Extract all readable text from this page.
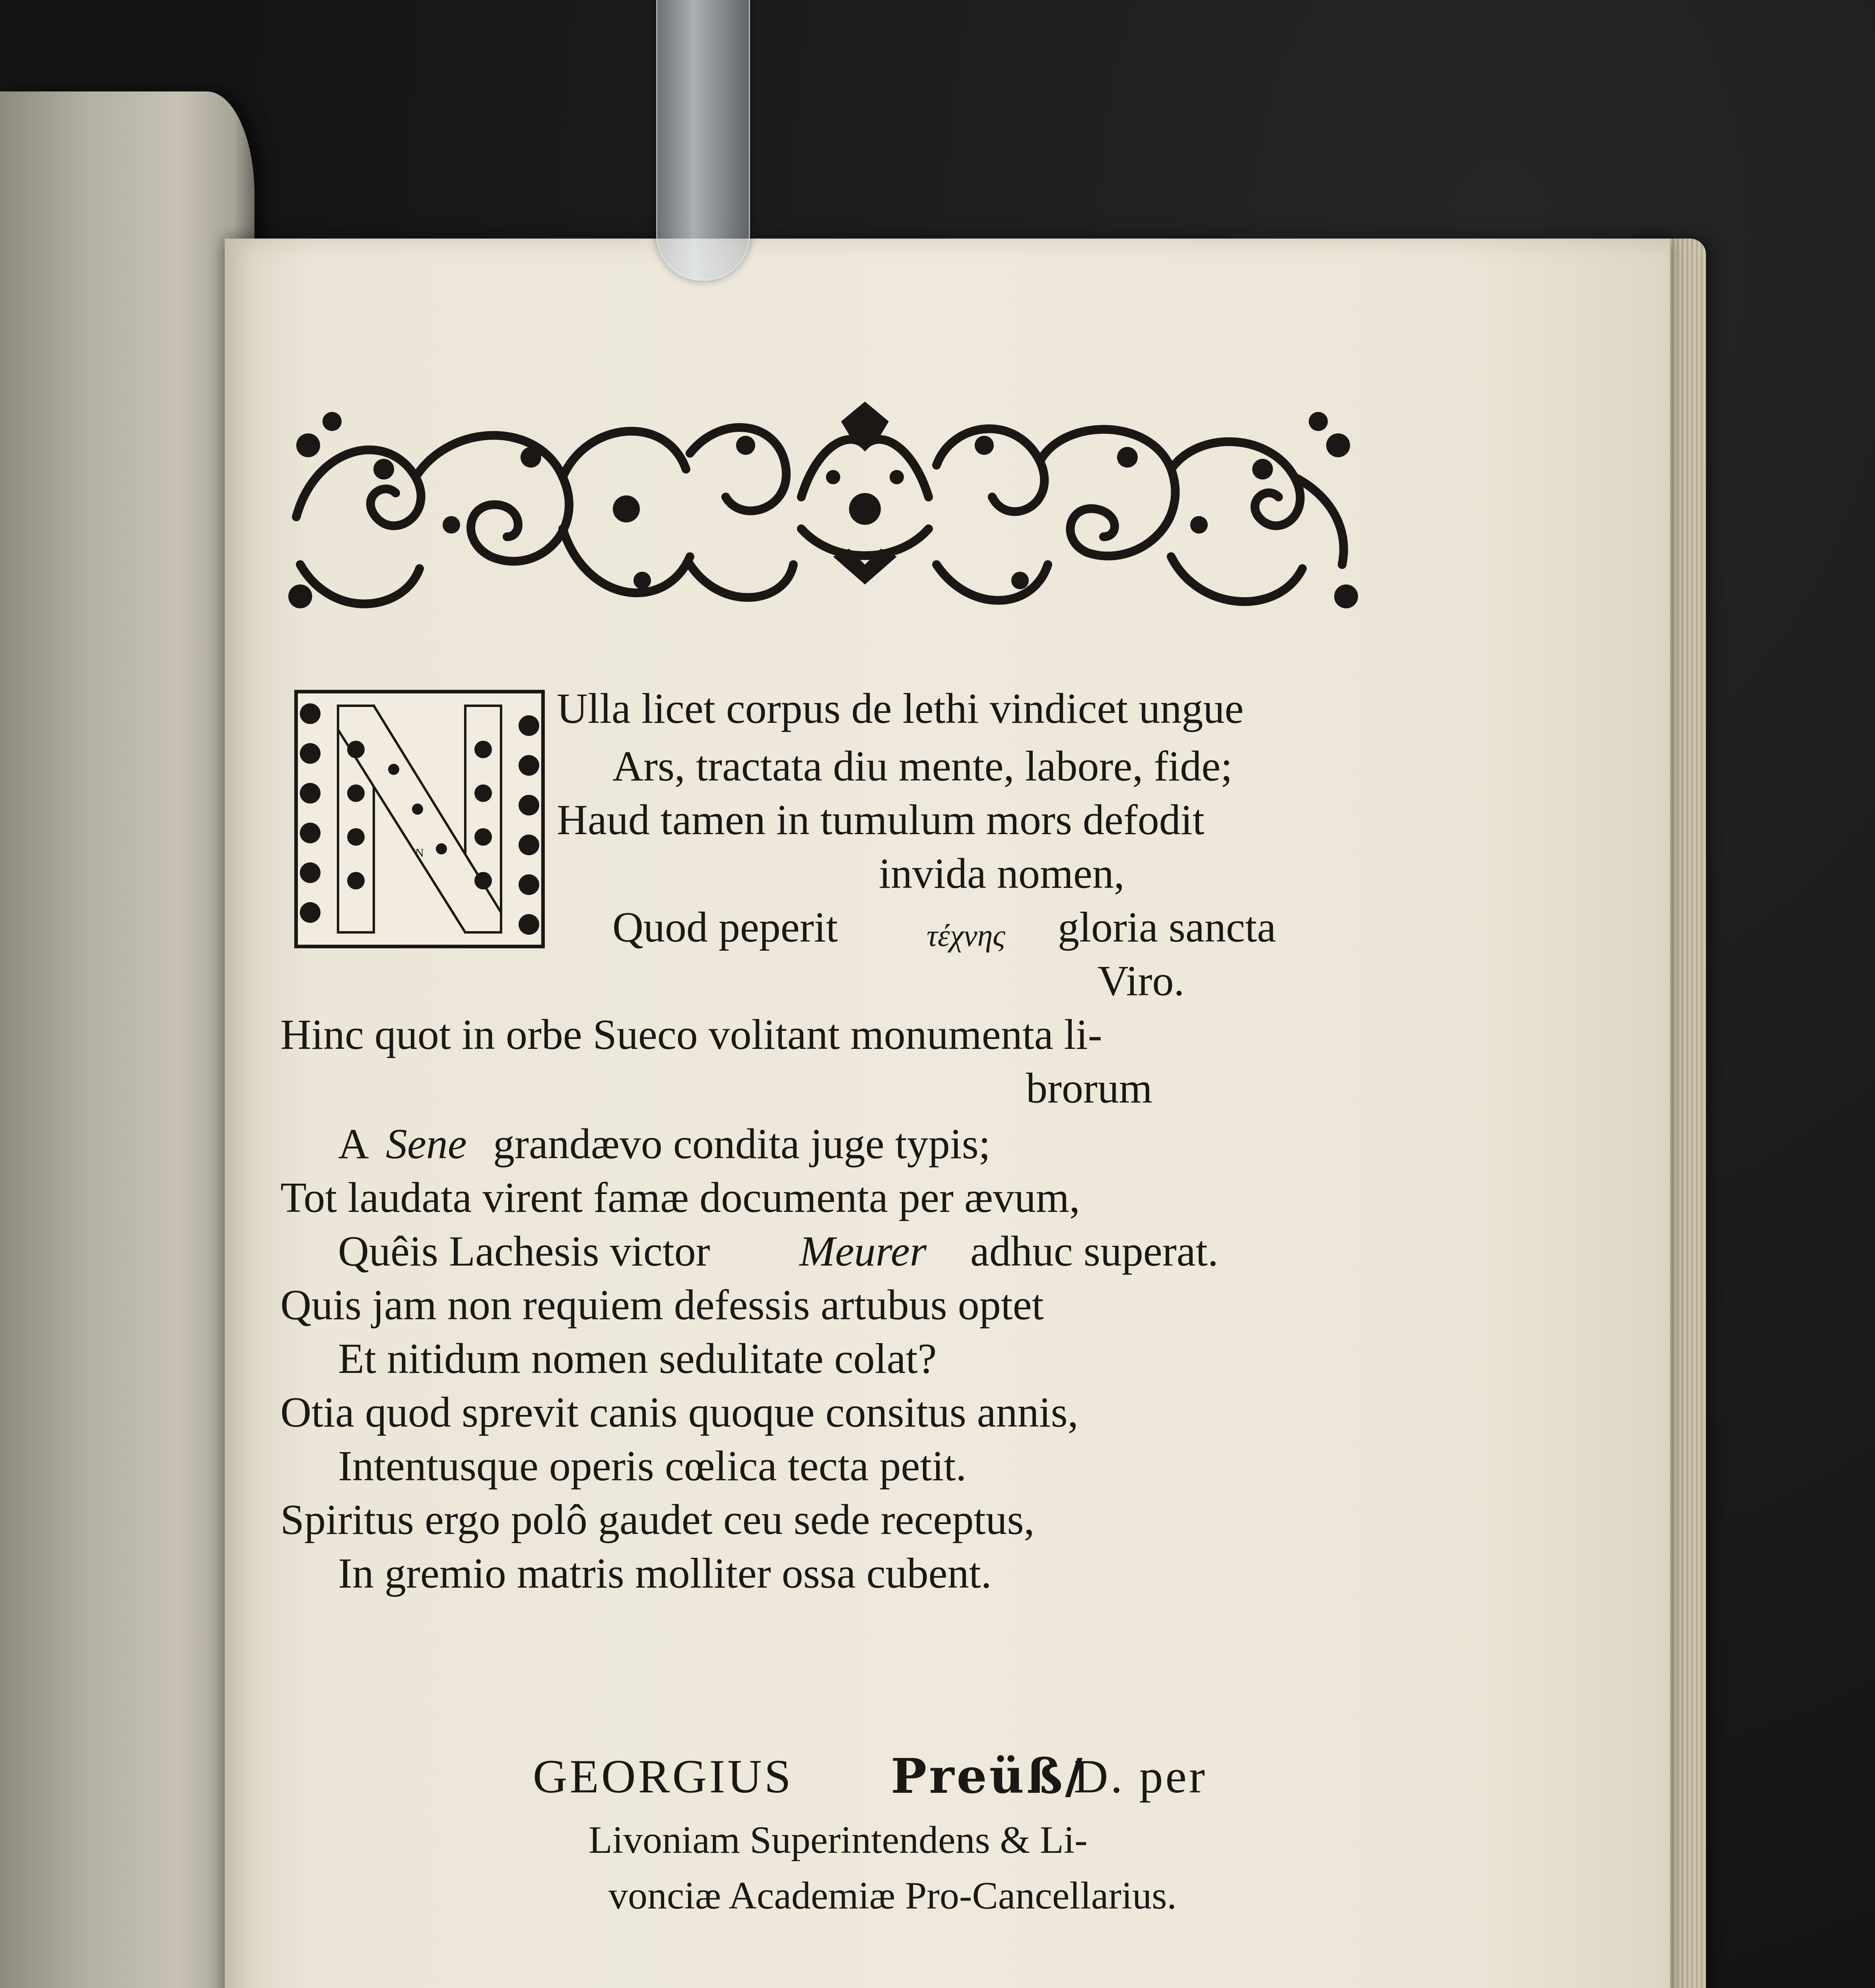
N
Ulla licet corpus de lethi vindicet ungue
Ars, tractata diu mente, labore, fide;
Haud tamen in tumulum mors defodit
invida nomen,
Quod peperit	τέχνης gloria sancta
Viro.
Hinc quot in orbe Sueco volitant monumenta li-
brorum
A Sene grandævo condita juge typis;
Tot laudata virent famæ documenta per ævum,
Quêis Lachesis victor Meurer adhuc superat.
Quis jam non requiem defessis artubus optet
Et nitidum nomen sedulitate colat?
Otia quod sprevit canis quoque consitus annis,
Intentusque operis cœlica tecta petit.
Spiritus ergo polô gaudet ceu sede receptus,
In gremio matris molliter ossa cubent.
GEORGIUS Preüß/
D. per
Livoniam Superintendens & Li-
vonciæ Academiæ Pro-Cancellarius.
